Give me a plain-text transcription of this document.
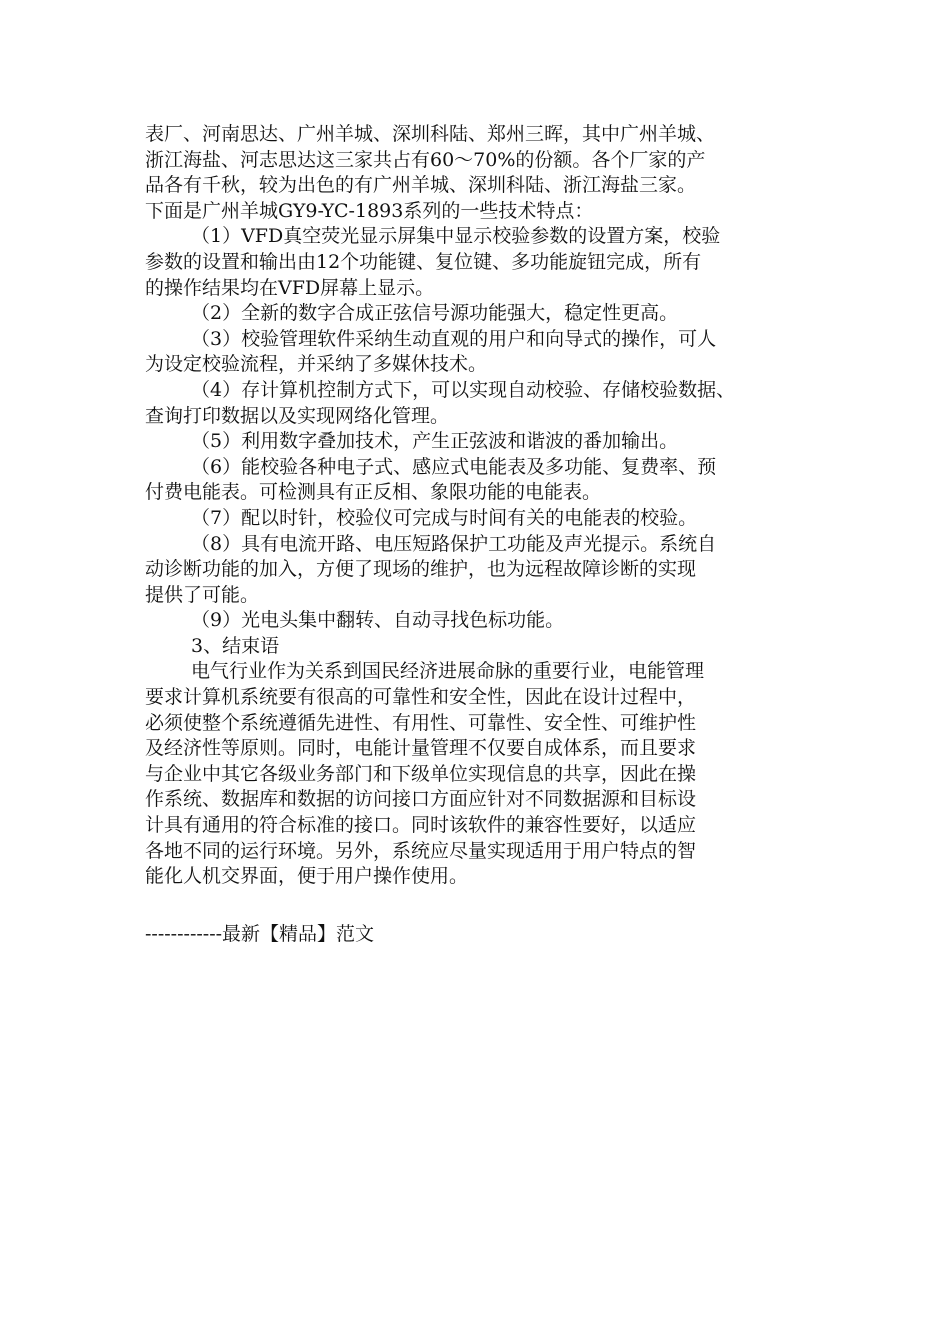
表厂、河南思达、广州羊城、深圳科陆、郑州三晖，其中广州羊城、
浙江海盐、河志思达这三家共占有60～70%的份额。各个厂家的产
品各有千秋，较为出色的有广州羊城、深圳科陆、浙江海盐三家。
下面是广州羊城GY9-YC-1893系列的一些技术特点：
（1）VFD真空荧光显示屏集中显示校验参数的设置方案，校验
参数的设置和输出由12个功能键、复位键、多功能旋钮完成，所有
的操作结果均在VFD屏幕上显示。
（2）全新的数字合成正弦信号源功能强大，稳定性更高。
（3）校验管理软件采纳生动直观的用户和向导式的操作，可人
为设定校验流程，并采纳了多媒休技术。
（4）存计算机控制方式下，可以实现自动校验、存储校验数据、
查询打印数据以及实现网络化管理。
（5）利用数字叠加技术，产生正弦波和谐波的番加输出。
（6）能校验各种电子式、感应式电能表及多功能、复费率、预
付费电能表。可检测具有正反相、象限功能的电能表。
（7）配以时针，校验仪可完成与时间有关的电能表的校验。
（8）具有电流开路、电压短路保护工功能及声光提示。系统自
动诊断功能的加入，方便了现场的维护，也为远程故障诊断的实现
提供了可能。
（9）光电头集中翻转、自动寻找色标功能。
3、结束语
电气行业作为关系到国民经济进展命脉的重要行业，电能管理
要求计算机系统要有很高的可靠性和安全性，因此在设计过程中，
必须使整个系统遵循先进性、有用性、可靠性、安全性、可维护性
及经济性等原则。同时，电能计量管理不仅要自成体系，而且要求
与企业中其它各级业务部门和下级单位实现信息的共享，因此在操
作系统、数据库和数据的访问接口方面应针对不同数据源和目标设
计具有通用的符合标准的接口。同时该软件的兼容性要好，以适应
各地不同的运行环境。另外，系统应尽量实现适用于用户特点的智
能化人机交界面，便于用户操作使用。
------------最新【精品】范文
